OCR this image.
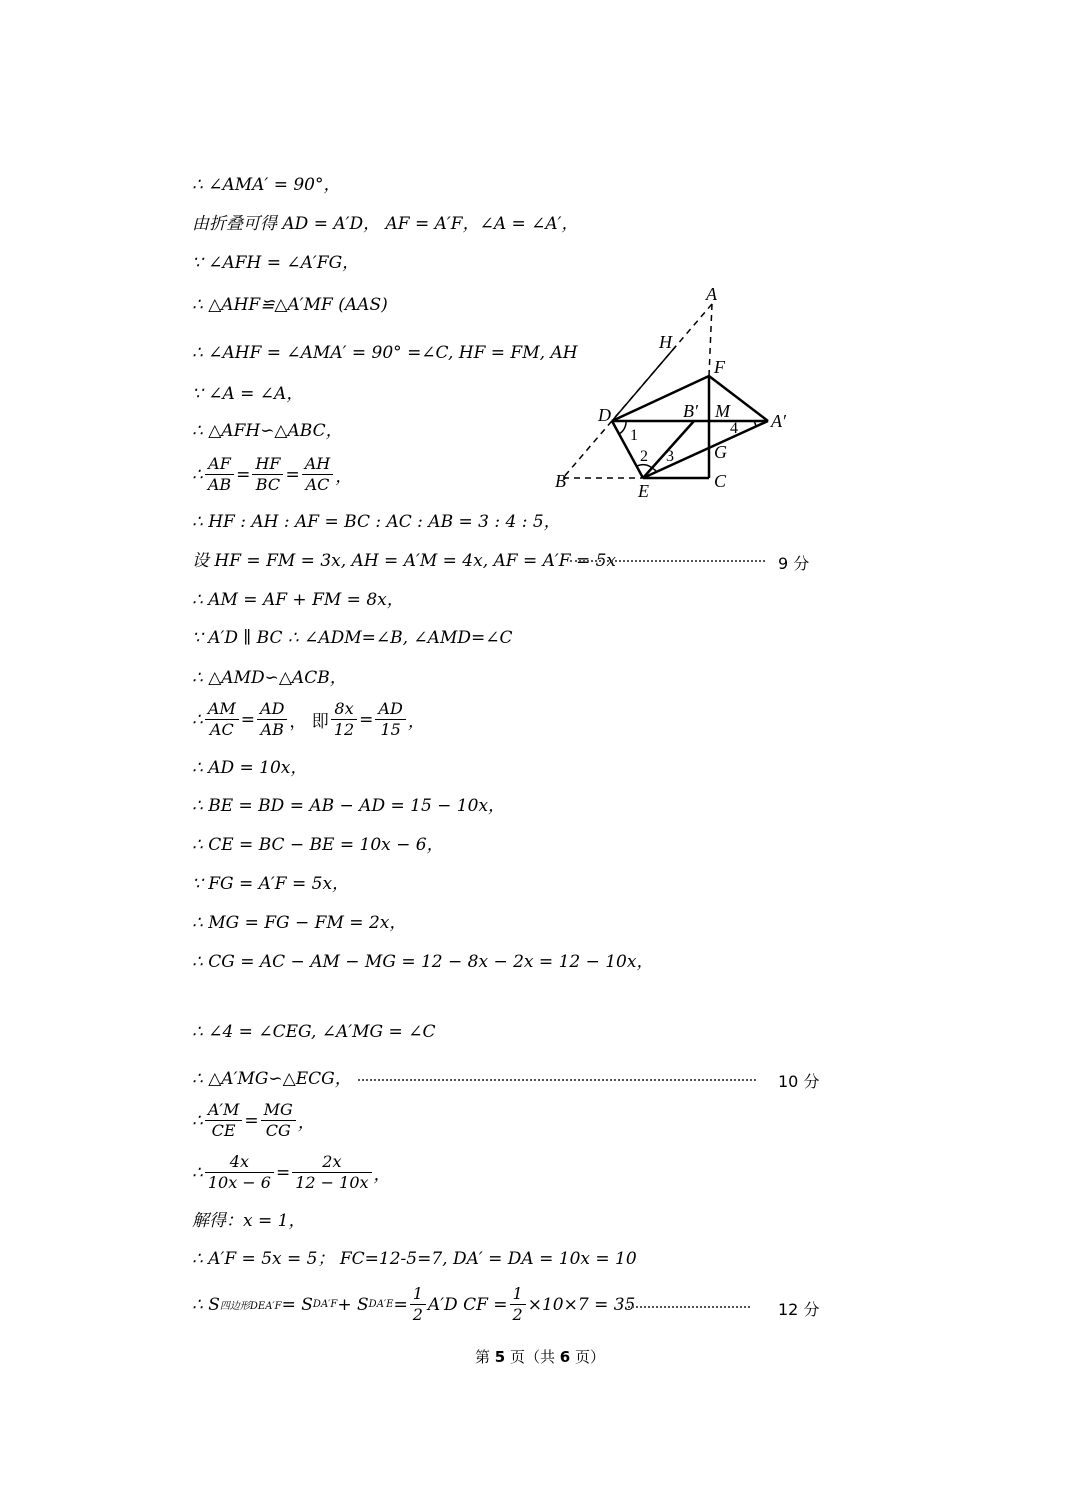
∴ ∠AMA′ = 90°，
由折叠可得 AD = A′D， AF = A′F，∠A = ∠A′，
∵ ∠AFH = ∠A′FG，
∴ △AHF≌△A′MF (AAS)
∴ ∠AHF = ∠AMA′ = 90° =∠C, HF = FM, AH
∵ ∠A = ∠A，
∴ △AFH∽△ABC，
∴ $\frac{AF}{AB} = \frac{HF}{BC} = \frac{AH}{AC}$ ，
∴ HF : AH : AF = BC : AC : AB = 3 : 4 : 5，
设 HF = FM = 3x, AH = A′M = 4x, AF = A′F = 5x	9 分
∴ AM = AF + FM = 8x，
∵ A′D ∥ BC ∴ ∠ADM=∠B, ∠AMD=∠C
∴ △AMD∽△ACB，
∴ $\frac{AM}{AC} = \frac{AD}{AB}$ ， 即 $\frac{8x}{12} = \frac{AD}{15}$ ，
∴ AD = 10x，
∴ BE = BD = AB − AD = 15 − 10x，
∴ CE = BC − BE = 10x − 6，
∵ FG = A′F = 5x，
∴ MG = FG − FM = 2x，
∴ CG = AC − AM − MG = 12 − 8x − 2x = 12 − 10x，
∴ ∠4 = ∠CEG, ∠A′MG = ∠C
∴ △A′MG∽△ECG，	10 分
∴ $\frac{A'M}{CE} = \frac{MG}{CG}$ ，
∴ $\frac{4x}{10x - 6} = \frac{2x}{12 - 10x}$ ，
解得：x = 1，
∴ A′F = 5x = 5； FC=12-5=7, DA′ = DA = 10x = 10
∴ S 四边形DEA′F = S DA′F + S $DA'E = \frac{1}{2} A'D$ CF = $\frac{1}{2} \times 10\times 7 = 35$	12 分
A
H
F
D	B′ M A′
1	4
2 3 G
B	E	C
第 5 页（共 6 页）
